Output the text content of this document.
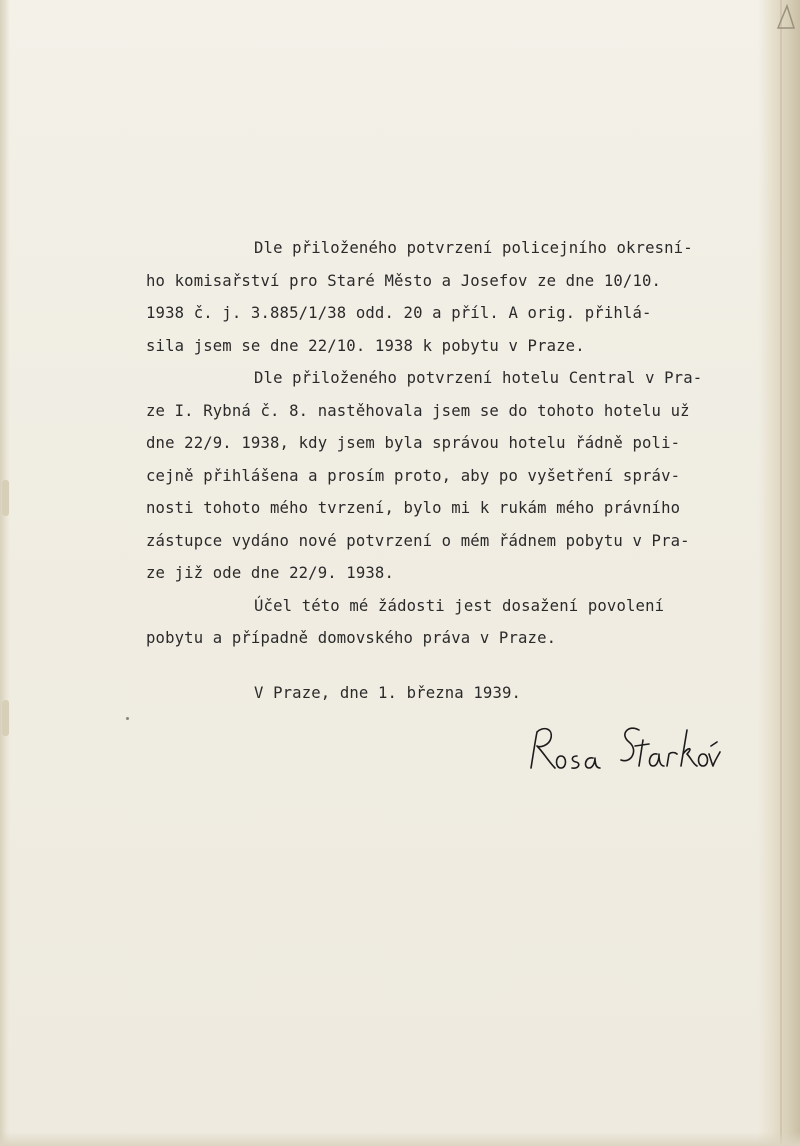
Dle přiloženého potvrzení policejního okresní-
ho komisařství pro Staré Město a Josefov ze dne 10/10.
1938 č. j. 3.885/1/38 odd. 20 a příl. A orig. přihlá-
sila jsem se dne 22/10. 1938 k pobytu v Praze.
Dle přiloženého potvrzení hotelu Central v Pra-
ze I. Rybná č. 8. nastěhovala jsem se do tohoto hotelu už
dne 22/9. 1938, kdy jsem byla správou hotelu řádně poli-
cejně přihlášena a prosím proto, aby po vyšetření správ-
nosti tohoto mého tvrzení, bylo mi k rukám mého právního
zástupce vydáno nové potvrzení o mém řádnem pobytu v Pra-
ze již ode dne 22/9. 1938.
Účel této mé žádosti jest dosažení povolení
pobytu a případně domovského práva v Praze.
V Praze, dne 1. března 1939.
